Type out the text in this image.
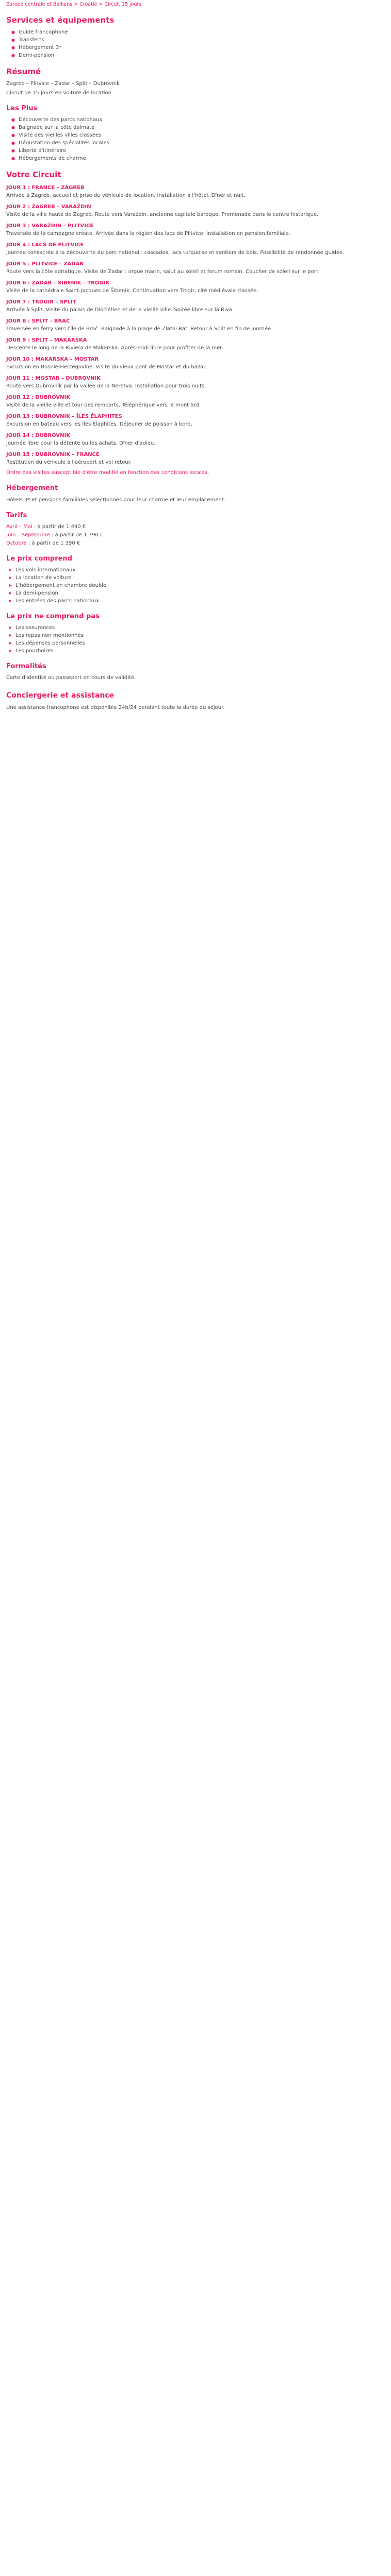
Europe centrale et Balkans > Croatie > Circuit 15 jours
Services et équipements
● Guide francophone
● Transferts
● Hébergement 3*
● Demi-pension
Résumé
Zagreb – Plitvice – Zadar – Split – Dubrovnik
Circuit de 15 jours en voiture de location
Les Plus
● Découverte des parcs nationaux
● Baignade sur la côte dalmate
● Visite des vieilles villes classées
● Dégustation des spécialités locales
● Liberté d'itinéraire
● Hébergements de charme
Votre Circuit
JOUR 1 : FRANCE – ZAGREB
Arrivée à Zagreb, accueil et prise du véhicule de location. Installation à l'hôtel. Dîner et nuit.
JOUR 2 : ZAGREB – VARAŽDIN
Visite de la ville haute de Zagreb. Route vers Varaždin, ancienne capitale baroque. Promenade dans le centre historique.
JOUR 3 : VARAŽDIN – PLITVICE
Traversée de la campagne croate. Arrivée dans la région des lacs de Plitvice. Installation en pension familiale.
JOUR 4 : LACS DE PLITVICE
Journée consacrée à la découverte du parc national : cascades, lacs turquoise et sentiers de bois. Possibilité de randonnée guidée.
JOUR 5 : PLITVICE – ZADAR
Route vers la côte adriatique. Visite de Zadar : orgue marin, salut au soleil et forum romain. Coucher de soleil sur le port.
JOUR 6 : ZADAR – ŠIBENIK – TROGIR
Visite de la cathédrale Saint-Jacques de Šibenik. Continuation vers Trogir, cité médiévale classée.
JOUR 7 : TROGIR – SPLIT
Arrivée à Split. Visite du palais de Dioclétien et de la vieille ville. Soirée libre sur la Riva.
JOUR 8 : SPLIT – BRAČ
Traversée en ferry vers l'île de Brač. Baignade à la plage de Zlatni Rat. Retour à Split en fin de journée.
JOUR 9 : SPLIT – MAKARSKA
Descente le long de la Riviera de Makarska. Après-midi libre pour profiter de la mer.
JOUR 10 : MAKARSKA – MOSTAR
Excursion en Bosnie-Herzégovine. Visite du vieux pont de Mostar et du bazar.
JOUR 11 : MOSTAR – DUBROVNIK
Route vers Dubrovnik par la vallée de la Neretva. Installation pour trois nuits.
JOUR 12 : DUBROVNIK
Visite de la vieille ville et tour des remparts. Téléphérique vers le mont Srđ.
JOUR 13 : DUBROVNIK – ÎLES ÉLAPHITES
Excursion en bateau vers les îles Élaphites. Déjeuner de poisson à bord.
JOUR 14 : DUBROVNIK
Journée libre pour la détente ou les achats. Dîner d'adieu.
JOUR 15 : DUBROVNIK – FRANCE
Restitution du véhicule à l'aéroport et vol retour.
Ordre des visites susceptible d'être modifié en fonction des conditions locales.
Hébergement
Hôtels 3* et pensions familiales sélectionnés pour leur charme et leur emplacement.
Tarifs
Avril – Mai : à partir de 1 490 €
Juin – Septembre : à partir de 1 790 €
Octobre : à partir de 1 390 €
Le prix comprend
▸ Les vols internationaux
▸ La location de voiture
▸ L'hébergement en chambre double
▸ La demi-pension
▸ Les entrées des parcs nationaux
Le prix ne comprend pas
▸ Les assurances
▸ Les repas non mentionnés
▸ Les dépenses personnelles
▸ Les pourboires
Formalités
Carte d'identité ou passeport en cours de validité.
Conciergerie et assistance
Une assistance francophone est disponible 24h/24 pendant toute la durée du séjour.
